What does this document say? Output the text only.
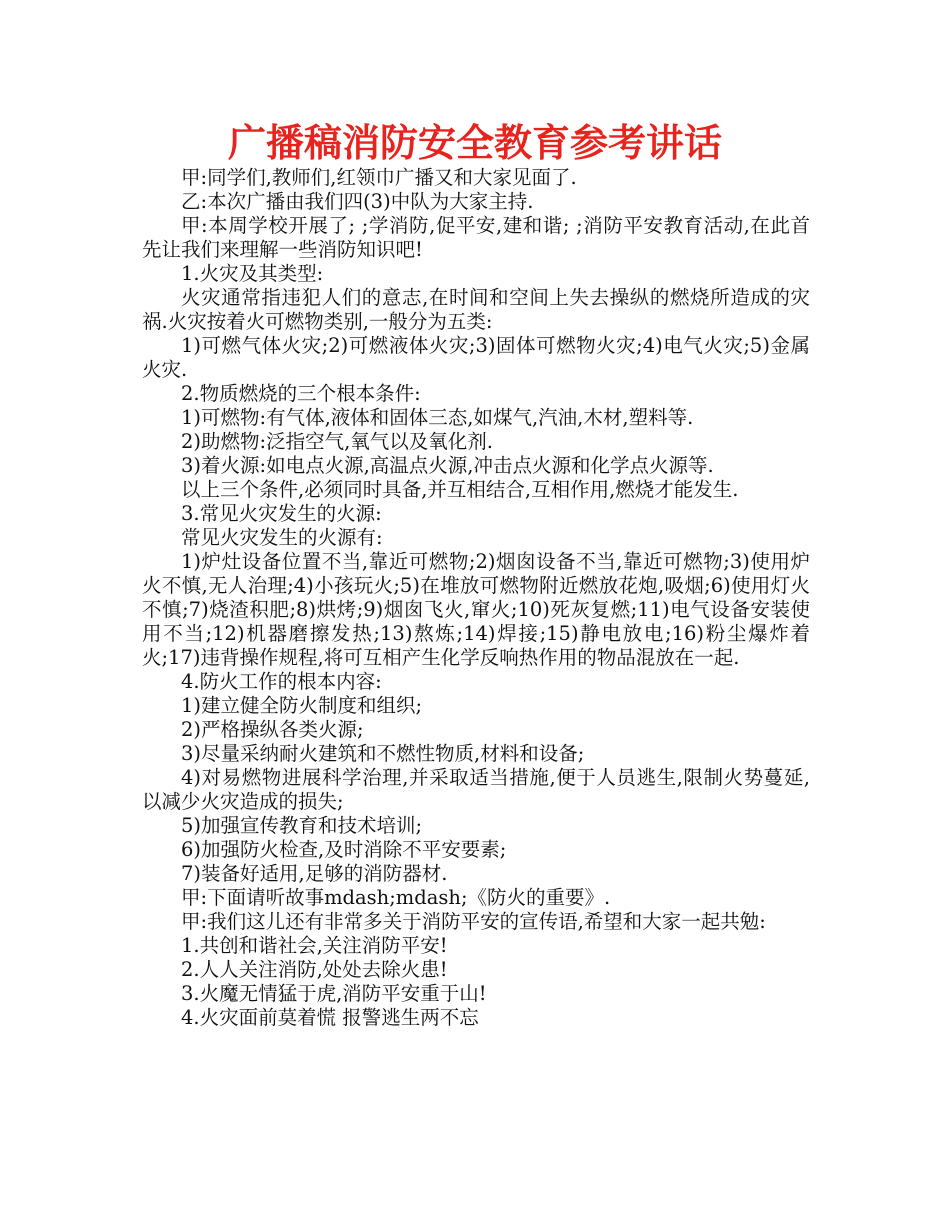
广播稿消防安全教育参考讲话

甲:同学们,教师们,红领巾广播又和大家见面了.

乙:本次广播由我们四(3)中队为大家主持.

甲:本周学校开展了; ;学消防,促平安,建和谐; ;消防平安教育活动,在此首先让我们来理解一些消防知识吧!

1.火灾及其类型:

火灾通常指违犯人们的意志,在时间和空间上失去操纵的燃烧所造成的灾祸.火灾按着火可燃物类别,一般分为五类:

1)可燃气体火灾;2)可燃液体火灾;3)固体可燃物火灾;4)电气火灾;5)金属火灾.

2.物质燃烧的三个根本条件:

1)可燃物:有气体,液体和固体三态,如煤气,汽油,木材,塑料等.

2)助燃物:泛指空气,氧气以及氧化剂.

3)着火源:如电点火源,高温点火源,冲击点火源和化学点火源等.

以上三个条件,必须同时具备,并互相结合,互相作用,燃烧才能发生.

3.常见火灾发生的火源:

常见火灾发生的火源有:

1)炉灶设备位置不当,靠近可燃物;2)烟囱设备不当,靠近可燃物;3)使用炉火不慎,无人治理;4)小孩玩火;5)在堆放可燃物附近燃放花炮,吸烟;6)使用灯火不慎;7)烧渣积肥;8)烘烤;9)烟囱飞火,窜火;10)死灰复燃;11)电气设备安装使用不当;12)机器磨擦发热;13)熬炼;14)焊接;15)静电放电;16)粉尘爆炸着火;17)违背操作规程,将可互相产生化学反响热作用的物品混放在一起.

4.防火工作的根本内容:

1)建立健全防火制度和组织;

2)严格操纵各类火源;

3)尽量采纳耐火建筑和不燃性物质,材料和设备;

4)对易燃物进展科学治理,并采取适当措施,便于人员逃生,限制火势蔓延,以减少火灾造成的损失;

5)加强宣传教育和技术培训;

6)加强防火检查,及时消除不平安要素;

7)装备好适用,足够的消防器材.

甲:下面请听故事mdash;mdash;《防火的重要》.

甲:我们这儿还有非常多关于消防平安的宣传语,希望和大家一起共勉:

1.共创和谐社会,关注消防平安!

2.人人关注消防,处处去除火患!

3.火魔无情猛于虎,消防平安重于山!

4.火灾面前莫着慌 报警逃生两不忘
